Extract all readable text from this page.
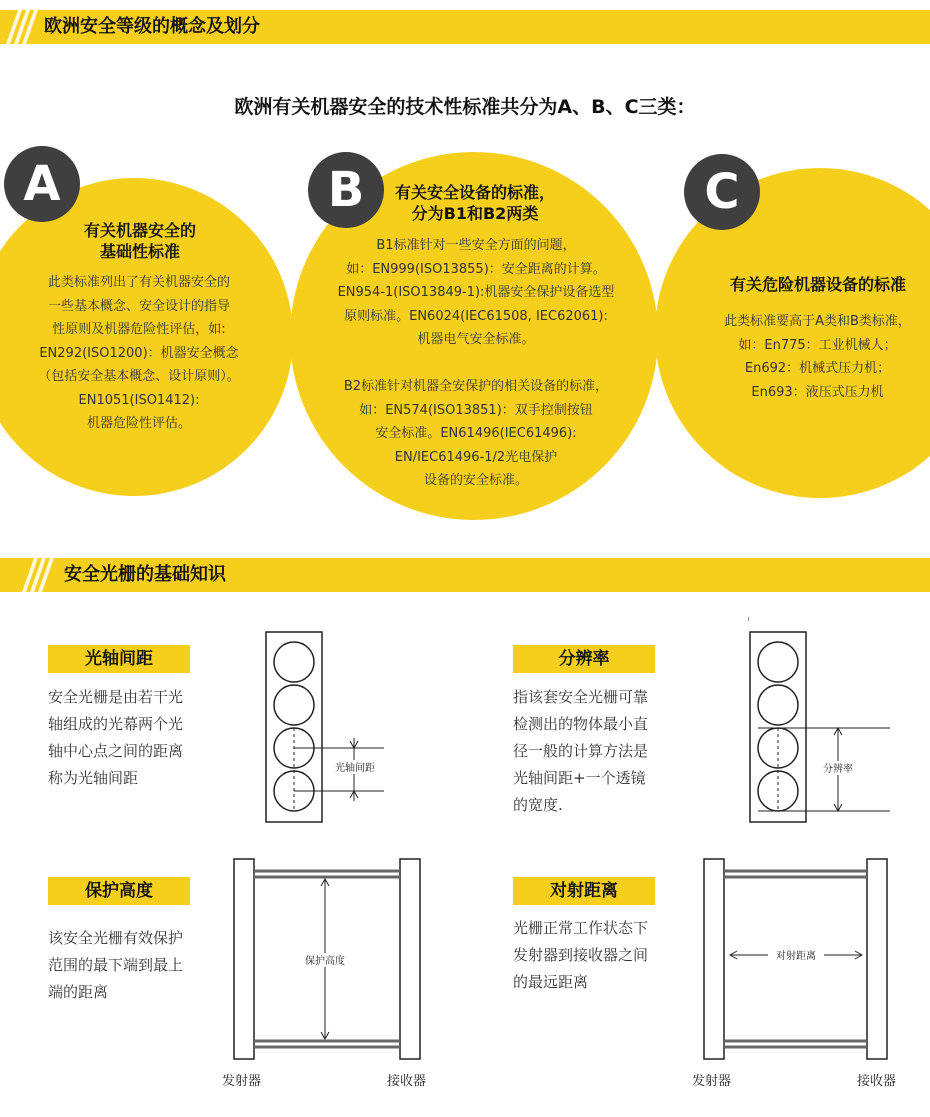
欧洲安全等级的概念及划分
欧洲有关机器安全的技术性标准共分为A、B、C三类：
A
有关机器安全的
基础性标准
此类标准列出了有关机器安全的
一些基本概念、安全设计的指导
性原则及机器危险性评估，如:
EN292(ISO1200)：机器安全概念
（包括安全基本概念、设计原则）。
EN1051(ISO1412):
机器危险性评估。
B	有关安全设备的标准，
分为B1和B2两类
B1标准针对一些安全方面的问题，
如：EN999(ISO13855)：安全距离的计算。
EN954-1(ISO13849-1):机器安全保护设备选型
原则标准。EN6024(IEC61508, IEC62061):
机器电气安全标准。

B2标准针对机器全安保护的相关设备的标准，
如：EN574(ISO13851)：双手控制按钮
安全标准。EN61496(IEC61496):
EN/IEC61496-1/2光电保护
设备的安全标准。
C
有关危险机器设备的标准
此类标准要高于A类和B类标准，
如：En775：工业机械人；
En692：机械式压力机；
En693：液压式压力机
安全光栅的基础知识
光轴间距
安全光栅是由若干光
轴组成的光幕两个光
轴中心点之间的距离
称为光轴间距
光轴间距
分辨率
指该套安全光栅可靠
检测出的物体最小直
径一般的计算方法是
光轴间距+一个透镜
的宽度.
分辨率
保护高度
该安全光栅有效保护
范围的最下端到最上
端的距离
保护高度
发射器	接收器
对射距离
光栅正常工作状态下
发射器到接收器之间
的最远距离
对射距离
发射器	接收器
